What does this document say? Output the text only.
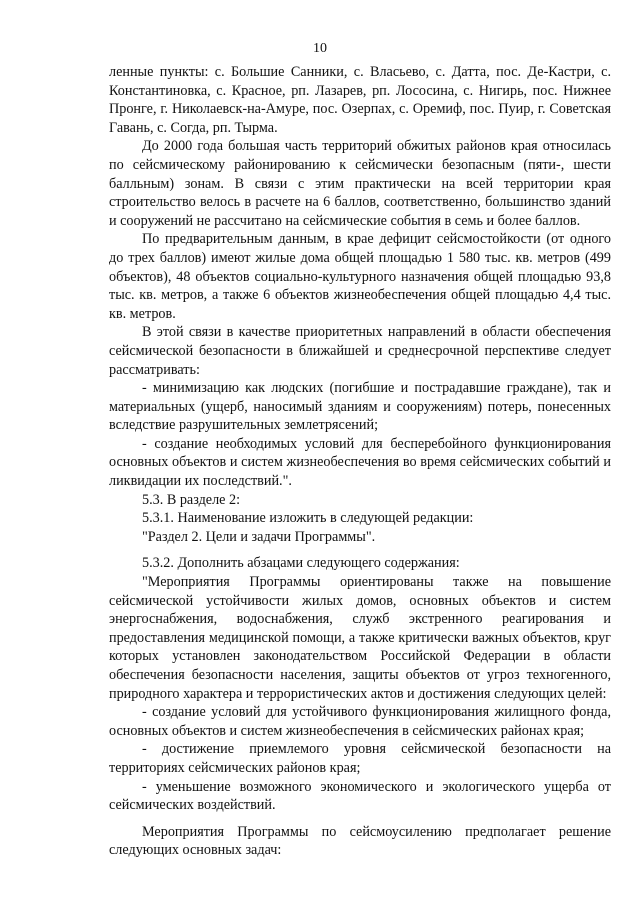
10

ленные пункты: с. Большие Санники, с. Власьево, с. Датта, пос. Де-Кастри, с. Константиновка, с. Красное, рп. Лазарев, рп. Лососина, с. Нигирь, пос. Нижнее Пронге, г. Николаевск-на-Амуре, пос. Озерпах, с. Оремиф, пос. Пуир, г. Советская Гавань, с. Согда, рп. Тырма.

До 2000 года большая часть территорий обжитых районов края относилась по сейсмическому районированию к сейсмически безопасным (пяти-, шести балльным) зонам. В связи с этим практически на всей территории края строительство велось в расчете на 6 баллов, соответственно, большинство зданий и сооружений не рассчитано на сейсмические события в семь и более баллов.

По предварительным данным, в крае дефицит сейсмостойкости (от одного до трех баллов) имеют жилые дома общей площадью 1 580 тыс. кв. метров (499 объектов), 48 объектов социально-культурного назначения общей площадью 93,8 тыс. кв. метров, а также 6 объектов жизнеобеспечения общей площадью 4,4 тыс. кв. метров.

В этой связи в качестве приоритетных направлений в области обеспечения сейсмической безопасности в ближайшей и среднесрочной перспективе следует рассматривать:

- минимизацию как людских (погибшие и пострадавшие граждане), так и материальных (ущерб, наносимый зданиям и сооружениям) потерь, понесенных вследствие разрушительных землетрясений;

- создание необходимых условий для бесперебойного функционирования основных объектов и систем жизнеобеспечения во время сейсмических событий и ликвидации их последствий.".

5.3. В разделе 2:

5.3.1. Наименование изложить в следующей редакции:

"Раздел 2. Цели и задачи Программы".

5.3.2. Дополнить абзацами следующего содержания:

"Мероприятия Программы ориентированы также на повышение сейсмической устойчивости жилых домов, основных объектов и систем энергоснабжения, водоснабжения, служб экстренного реагирования и предоставления медицинской помощи, а также критически важных объектов, круг которых установлен законодательством Российской Федерации в области обеспечения безопасности населения, защиты объектов от угроз техногенного, природного характера и террористических актов и достижения следующих целей:

- создание условий для устойчивого функционирования жилищного фонда, основных объектов и систем жизнеобеспечения в сейсмических районах края;

- достижение приемлемого уровня сейсмической безопасности на территориях сейсмических районов края;

- уменьшение возможного экономического и экологического ущерба от сейсмических воздействий.

Мероприятия Программы по сейсмоусилению предполагает решение следующих основных задач:
